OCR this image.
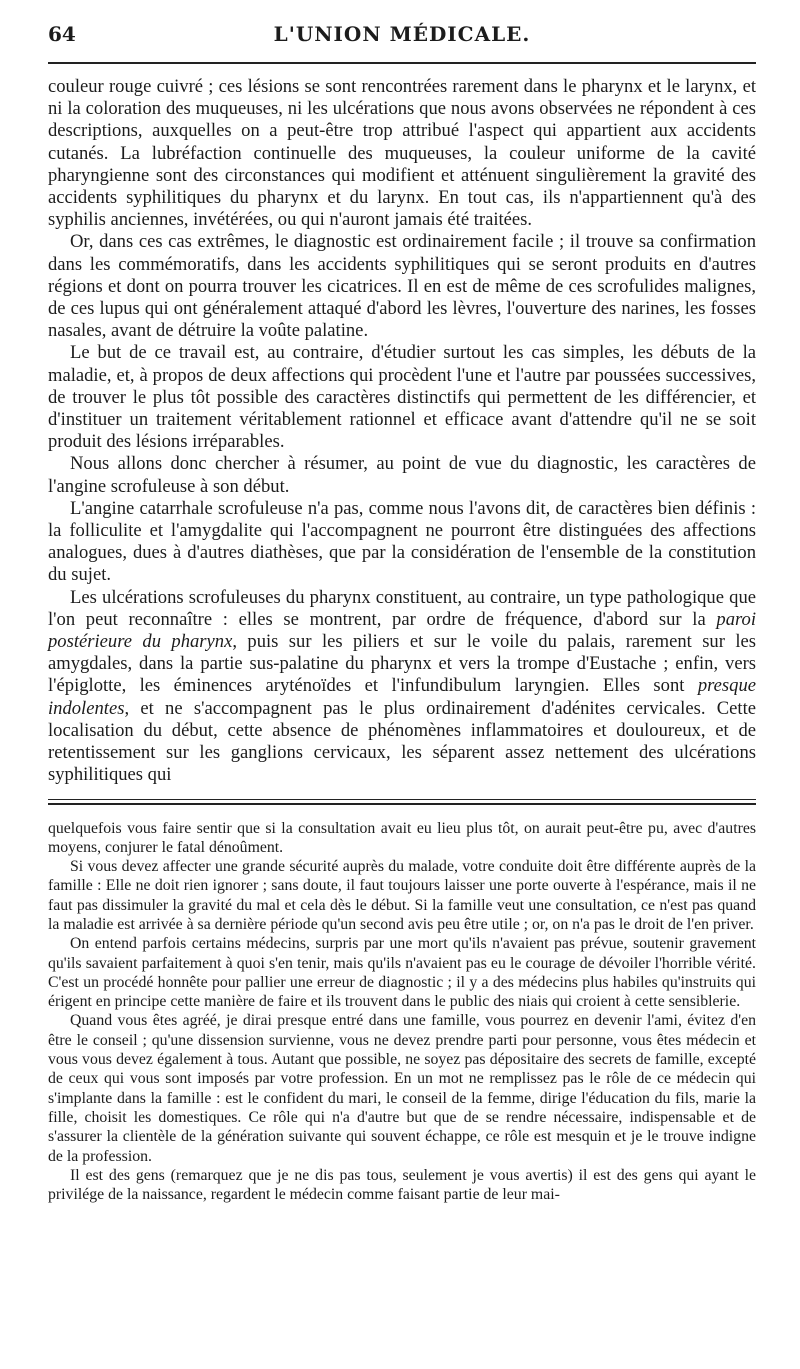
64	L'UNION MÉDICALE.

couleur rouge cuivré ; ces lésions se sont rencontrées rarement dans le pharynx et le larynx, et ni la coloration des muqueuses, ni les ulcérations que nous avons observées ne répondent à ces descriptions, auxquelles on a peut-être trop attribué l'aspect qui appartient aux accidents cutanés. La lubréfaction continuelle des muqueuses, la couleur uniforme de la cavité pharyngienne sont des circonstances qui modifient et atténuent singulièrement la gravité des accidents syphilitiques du pharynx et du larynx. En tout cas, ils n'appartiennent qu'à des syphilis anciennes, invétérées, ou qui n'auront jamais été traitées.

Or, dans ces cas extrêmes, le diagnostic est ordinairement facile ; il trouve sa confirmation dans les commémoratifs, dans les accidents syphilitiques qui se seront produits en d'autres régions et dont on pourra trouver les cicatrices. Il en est de même de ces scrofulides malignes, de ces lupus qui ont généralement attaqué d'abord les lèvres, l'ouverture des narines, les fosses nasales, avant de détruire la voûte palatine.

Le but de ce travail est, au contraire, d'étudier surtout les cas simples, les débuts de la maladie, et, à propos de deux affections qui procèdent l'une et l'autre par poussées successives, de trouver le plus tôt possible des caractères distinctifs qui permettent de les différencier, et d'instituer un traitement véritablement rationnel et efficace avant d'attendre qu'il ne se soit produit des lésions irréparables.

Nous allons donc chercher à résumer, au point de vue du diagnostic, les caractères de l'angine scrofuleuse à son début.

L'angine catarrhale scrofuleuse n'a pas, comme nous l'avons dit, de caractères bien définis : la folliculite et l'amygdalite qui l'accompagnent ne pourront être distinguées des affections analogues, dues à d'autres diathèses, que par la considération de l'ensemble de la constitution du sujet.

Les ulcérations scrofuleuses du pharynx constituent, au contraire, un type pathologique que l'on peut reconnaître : elles se montrent, par ordre de fréquence, d'abord sur la paroi postérieure du pharynx, puis sur les piliers et sur le voile du palais, rarement sur les amygdales, dans la partie sus-palatine du pharynx et vers la trompe d'Eustache ; enfin, vers l'épiglotte, les éminences aryténoïdes et l'infundibulum laryngien. Elles sont presque indolentes, et ne s'accompagnent pas le plus ordinairement d'adénites cervicales. Cette localisation du début, cette absence de phénomènes inflammatoires et douloureux, et de retentissement sur les ganglions cervicaux, les séparent assez nettement des ulcérations syphilitiques qui

quelquefois vous faire sentir que si la consultation avait eu lieu plus tôt, on aurait peut-être pu, avec d'autres moyens, conjurer le fatal dénoûment.

Si vous devez affecter une grande sécurité auprès du malade, votre conduite doit être différente auprès de la famille : Elle ne doit rien ignorer ; sans doute, il faut toujours laisser une porte ouverte à l'espérance, mais il ne faut pas dissimuler la gravité du mal et cela dès le début. Si la famille veut une consultation, ce n'est pas quand la maladie est arrivée à sa dernière période qu'un second avis peu être utile ; or, on n'a pas le droit de l'en priver.

On entend parfois certains médecins, surpris par une mort qu'ils n'avaient pas prévue, soutenir gravement qu'ils savaient parfaitement à quoi s'en tenir, mais qu'ils n'avaient pas eu le courage de dévoiler l'horrible vérité. C'est un procédé honnête pour pallier une erreur de diagnostic ; il y a des médecins plus habiles qu'instruits qui érigent en principe cette manière de faire et ils trouvent dans le public des niais qui croient à cette sensiblerie.

Quand vous êtes agréé, je dirai presque entré dans une famille, vous pourrez en devenir l'ami, évitez d'en être le conseil ; qu'une dissension survienne, vous ne devez prendre parti pour personne, vous êtes médecin et vous vous devez également à tous. Autant que possible, ne soyez pas dépositaire des secrets de famille, excepté de ceux qui vous sont imposés par votre profession. En un mot ne remplissez pas le rôle de ce médecin qui s'implante dans la famille : est le confident du mari, le conseil de la femme, dirige l'éducation du fils, marie la fille, choisit les domestiques. Ce rôle qui n'a d'autre but que de se rendre nécessaire, indispensable et de s'assurer la clientèle de la génération suivante qui souvent échappe, ce rôle est mesquin et je le trouve indigne de la profession.

Il est des gens (remarquez que je ne dis pas tous, seulement je vous avertis) il est des gens qui ayant le privilége de la naissance, regardent le médecin comme faisant partie de leur mai-
